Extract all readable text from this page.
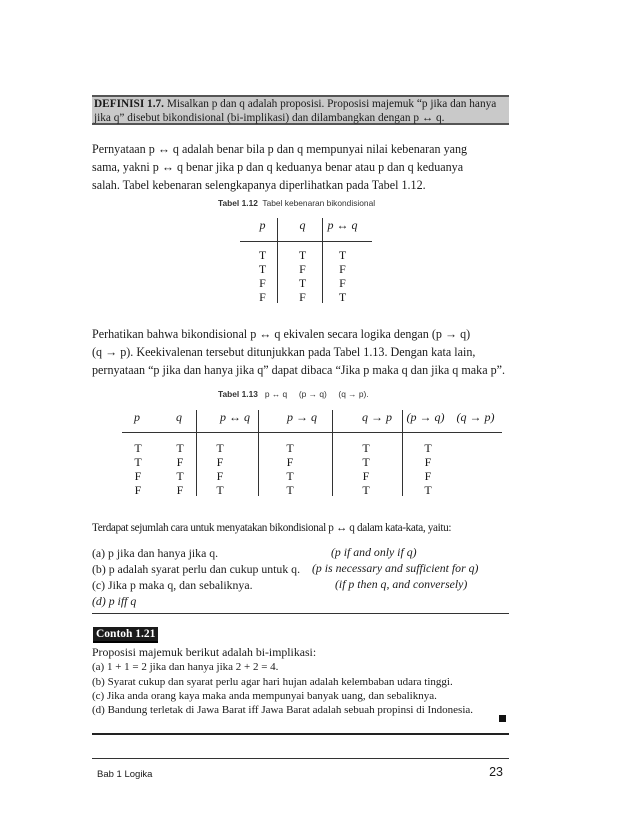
DEFINISI 1.7. Misalkan p dan q adalah proposisi. Proposisi majemuk “p jika dan hanya
jika q” disebut bikondisional (bi-implikasi) dan dilambangkan dengan p ↔ q.
Pernyataan p ↔ q adalah benar bila p dan q mempunyai nilai kebenaran yang
sama, yakni p ↔ q benar jika p dan q keduanya benar atau p dan q keduanya
salah. Tabel kebenaran selengkapanya diperlihatkan pada Tabel 1.12.
Tabel 1.12 Tabel kebenaran bikondisional
p	q	p ↔ q
T	T	T
T	F	F
F	T	F
F	F	T
Perhatikan bahwa bikondisional p ↔ q ekivalen secara logika dengan (p → q)
(q → p). Keekivalenan tersebut ditunjukkan pada Tabel 1.13. Dengan kata lain,
pernyataan “p jika dan hanya jika q” dapat dibaca “Jika p maka q dan jika q maka p”.
Tabel 1.13 p ↔ q     (p → q)     (q → p).
p	q	p ↔ q	p → q	q → p	(p → q)    (q → p)
T	T	T	T	T	T
T	F	F	F	T	F
F	T	F	T	F	F
F	F	T	T	T	T
Terdapat sejumlah cara untuk menyatakan bikondisional p ↔ q dalam kata-kata, yaitu:
(a) p jika dan hanya jika q.	(p if and only if q)
(b) p adalah syarat perlu dan cukup untuk q. (p is necessary and sufficient for q)
(c) Jika p maka q, dan sebaliknya.	(if p then q, and conversely)
(d) p iff q
Contoh 1.21
Proposisi majemuk berikut adalah bi-implikasi:
(a) 1 + 1 = 2 jika dan hanya jika 2 + 2 = 4.
(b) Syarat cukup dan syarat perlu agar hari hujan adalah kelembaban udara tinggi.
(c) Jika anda orang kaya maka anda mempunyai banyak uang, dan sebaliknya.
(d) Bandung terletak di Jawa Barat iff Jawa Barat adalah sebuah propinsi di Indonesia.
Bab 1 Logika	23
